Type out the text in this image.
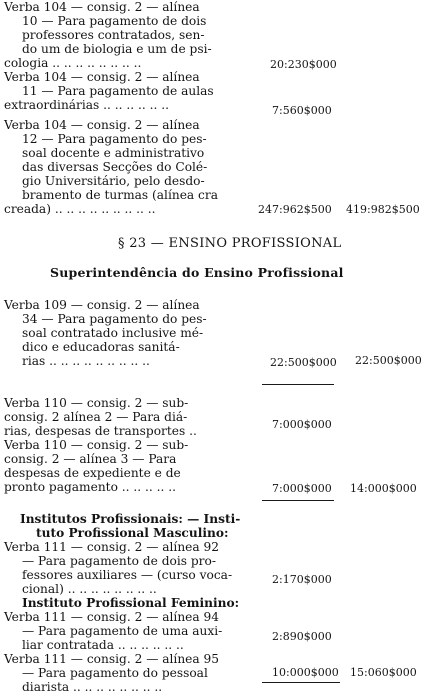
Verba 104 — consig. 2 — alínea
10 — Para pagamento de dois
professores contratados, sen-
do um de biologia e um de psi-
cologia .. .. .. .. .. .. .. ..	20:230$000
Verba 104 — consig. 2 — alínea
11 — Para pagamento de aulas
extraordinárias .. .. .. .. .. ..	7:560$000
Verba 104 — consig. 2 — alínea
12 — Para pagamento do pes-
soal docente e administrativo
das diversas Secções do Colé-
gio Universitário, pelo desdo-
bramento de turmas (alínea cra
creada) .. .. .. .. .. .. .. .. ..	247:962$500 419:982$500
§ 23 — ENSINO PROFISSIONAL
Superintendência do Ensino Profissional
Verba 109 — consig. 2 — alínea
34 — Para pagamento do pes-
soal contratado inclusive mé-
dico e educadoras sanitá-
rias .. .. .. .. .. .. .. .. ..	22:500$000 22:500$000
Verba 110 — consig. 2 — sub-
consig. 2 alínea 2 — Para diá-
rias, despesas de transportes ..	7:000$000
Verba 110 — consig. 2 — sub-
consig. 2 — alínea 3 — Para
despesas de expediente e de
pronto pagamento .. .. .. .. ..	7:000$000 14:000$000
Institutos Profissionais: — Insti-
tuto Profissional Masculino:
Verba 111 — consig. 2 — alínea 92
— Para pagamento de dois pro-
fessores auxiliares — (curso voca-
cional) .. .. .. .. .. .. .. ..
2:170$000
Instituto Profissional Feminino:
Verba 111 — consig. 2 — alínea 94
— Para pagamento de uma auxi-
liar contratada .. .. .. .. .. ..
2:890$000
Verba 111 — consig. 2 — alínea 95
— Para pagamento do pessoal
diarista .. .. .. .. .. .. .. ..
10:000$000 15:060$000
